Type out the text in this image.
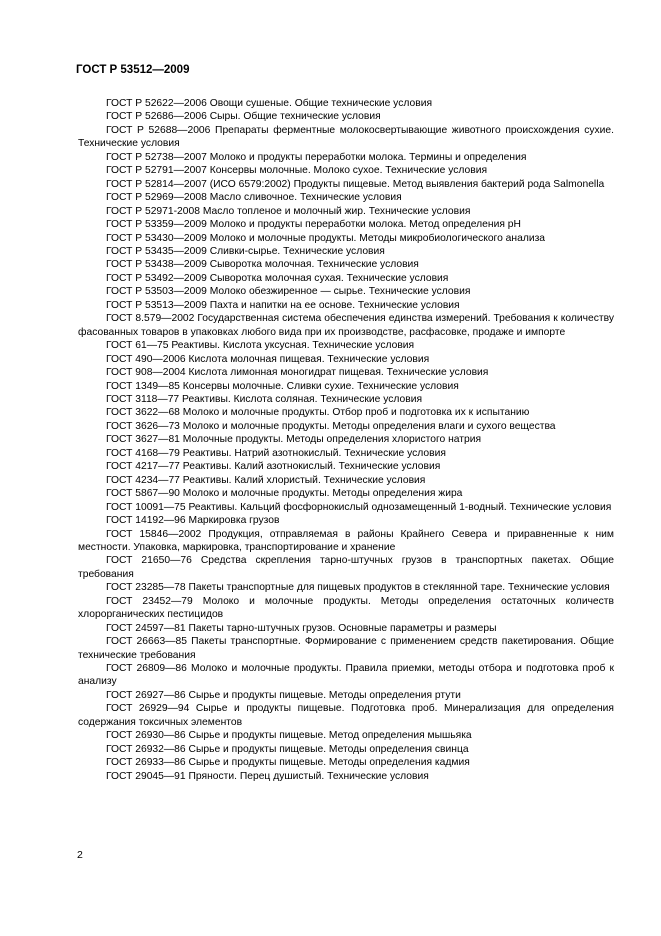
ГОСТ Р 53512—2009
ГОСТ Р 52622—2006 Овощи сушеные. Общие технические условия
ГОСТ Р 52686—2006 Сыры. Общие технические условия
ГОСТ Р 52688—2006 Препараты ферментные молокосвертывающие животного происхождения сухие. Технические условия
ГОСТ Р 52738—2007 Молоко и продукты переработки молока. Термины и определения
ГОСТ Р 52791—2007 Консервы молочные. Молоко сухое. Технические условия
ГОСТ Р 52814—2007 (ИСО 6579:2002) Продукты пищевые. Метод выявления бактерий рода Salmonella
ГОСТ Р 52969—2008 Масло сливочное. Технические условия
ГОСТ Р 52971-2008 Масло топленое и молочный жир. Технические условия
ГОСТ Р 53359—2009 Молоко и продукты переработки молока. Метод определения рН
ГОСТ Р 53430—2009 Молоко и молочные продукты. Методы микробиологического анализа
ГОСТ Р 53435—2009 Сливки-сырье. Технические условия
ГОСТ Р 53438—2009 Сыворотка молочная. Технические условия
ГОСТ Р 53492—2009 Сыворотка молочная сухая. Технические условия
ГОСТ Р 53503—2009 Молоко обезжиренное — сырье. Технические условия
ГОСТ Р 53513—2009 Пахта и напитки на ее основе. Технические условия
ГОСТ 8.579—2002 Государственная система обеспечения единства измерений. Требования к количеству фасованных товаров в упаковках любого вида при их производстве, расфасовке, продаже и импорте
ГОСТ 61—75 Реактивы. Кислота уксусная. Технические условия
ГОСТ 490—2006 Кислота молочная пищевая. Технические условия
ГОСТ 908—2004 Кислота лимонная моногидрат пищевая. Технические условия
ГОСТ 1349—85 Консервы молочные. Сливки сухие. Технические условия
ГОСТ 3118—77 Реактивы. Кислота соляная. Технические условия
ГОСТ 3622—68 Молоко и молочные продукты. Отбор проб и подготовка их к испытанию
ГОСТ 3626—73 Молоко и молочные продукты. Методы определения влаги и сухого вещества
ГОСТ 3627—81 Молочные продукты. Методы определения хлористого натрия
ГОСТ 4168—79 Реактивы. Натрий азотнокислый. Технические условия
ГОСТ 4217—77 Реактивы. Калий азотнокислый. Технические условия
ГОСТ 4234—77 Реактивы. Калий хлористый. Технические условия
ГОСТ 5867—90 Молоко и молочные продукты. Методы определения жира
ГОСТ 10091—75 Реактивы. Кальций фосфорнокислый однозамещенный 1-водный. Технические условия
ГОСТ 14192—96 Маркировка грузов
ГОСТ 15846—2002 Продукция, отправляемая в районы Крайнего Севера и приравненные к ним местности. Упаковка, маркировка, транспортирование и хранение
ГОСТ 21650—76 Средства скрепления тарно-штучных грузов в транспортных пакетах. Общие требования
ГОСТ 23285—78 Пакеты транспортные для пищевых продуктов в стеклянной таре. Технические условия
ГОСТ 23452—79 Молоко и молочные продукты. Методы определения остаточных количеств хлорорганических пестицидов
ГОСТ 24597—81 Пакеты тарно-штучных грузов. Основные параметры и размеры
ГОСТ 26663—85 Пакеты транспортные. Формирование с применением средств пакетирования. Общие технические требования
ГОСТ 26809—86 Молоко и молочные продукты. Правила приемки, методы отбора и подготовка проб к анализу
ГОСТ 26927—86 Сырье и продукты пищевые. Методы определения ртути
ГОСТ 26929—94 Сырье и продукты пищевые. Подготовка проб. Минерализация для определения содержания токсичных элементов
ГОСТ 26930—86 Сырье и продукты пищевые. Метод определения мышьяка
ГОСТ 26932—86 Сырье и продукты пищевые. Методы определения свинца
ГОСТ 26933—86 Сырье и продукты пищевые. Методы определения кадмия
ГОСТ 29045—91 Пряности. Перец душистый. Технические условия
2
